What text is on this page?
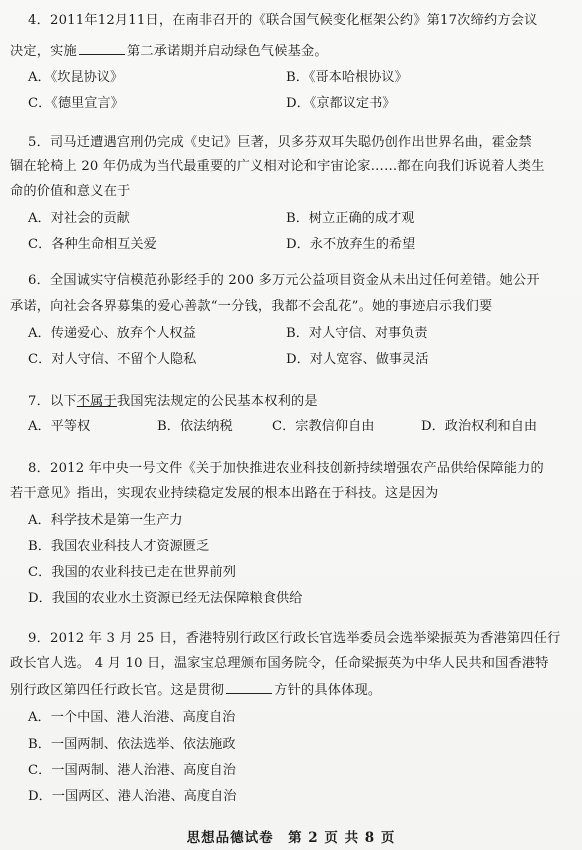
4．2011年12月11日，在南非召开的《联合国气候变化框架公约》第17次缔约方会议
决定，实施	第二承诺期并启动绿色气候基金。
A．《坎昆协议》	B．《哥本哈根协议》
C．《德里宣言》	D．《京都议定书》
5．司马迁遭遇宫刑仍完成《史记》巨著，贝多芬双耳失聪仍创作出世界名曲，霍金禁
锢在轮椅上 20 年仍成为当代最重要的广义相对论和宇宙论家……都在向我们诉说着人类生
命的价值和意义在于
A．对社会的贡献	B．树立正确的成才观
C．各种生命相互关爱	D．永不放弃生的希望
6．全国诚实守信模范孙影经手的 200 多万元公益项目资金从未出过任何差错。她公开
承诺，向社会各界募集的爱心善款“一分钱，我都不会乱花”。她的事迹启示我们要
A．传递爱心、放弃个人权益	B．对人守信、对事负责
C．对人守信、不留个人隐私	D．对人宽容、做事灵活
7．以下不属于我国宪法规定的公民基本权利的是
A．平等权	B．依法纳税	C．宗教信仰自由	D．政治权利和自由
8．2012 年中央一号文件《关于加快推进农业科技创新持续增强农产品供给保障能力的
若干意见》指出，实现农业持续稳定发展的根本出路在于科技。这是因为
A．科学技术是第一生产力
B．我国农业科技人才资源匮乏
C．我国的农业科技已走在世界前列
D．我国的农业水土资源已经无法保障粮食供给
9．2012 年 3 月 25 日，香港特别行政区行政长官选举委员会选举梁振英为香港第四任行
政长官人选。 4 月 10 日，温家宝总理颁布国务院令，任命梁振英为中华人民共和国香港特
别行政区第四任行政长官。这是贯彻	方针的具体体现。
A．一个中国、港人治港、高度自治
B．一国两制、依法选举、依法施政
C．一国两制、港人治港、高度自治
D．一国两区、港人治港、高度自治
思想品德试卷　第 2 页 共 8 页
